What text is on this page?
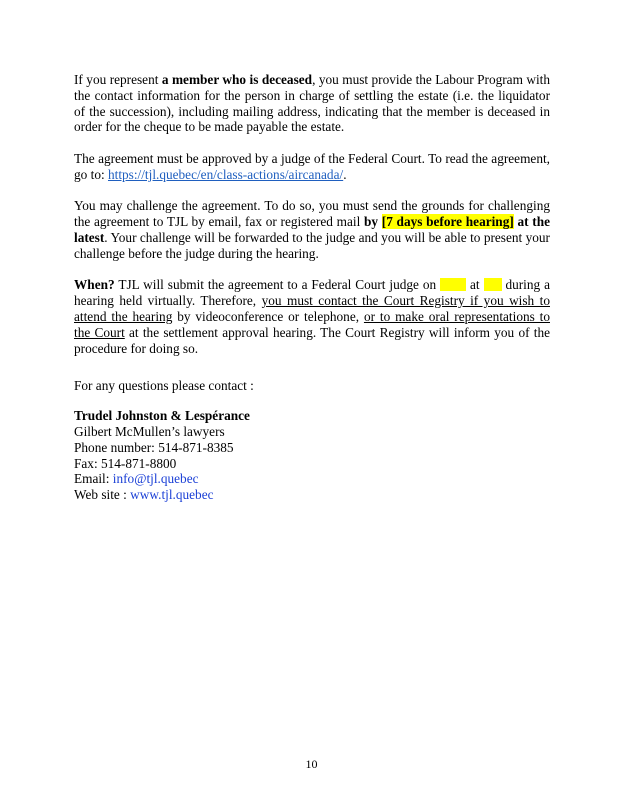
If you represent a member who is deceased, you must provide the Labour Program with the contact information for the person in charge of settling the estate (i.e. the liquidator of the succession), including mailing address, indicating that the member is deceased in order for the cheque to be made payable the estate.

The agreement must be approved by a judge of the Federal Court. To read the agreement, go to: https://tjl.quebec/en/class-actions/aircanada/.

You may challenge the agreement. To do so, you must send the grounds for challenging the agreement to TJL by email, fax or registered mail by [7 days before hearing] at the latest. Your challenge will be forwarded to the judge and you will be able to present your challenge before the judge during the hearing.

When? TJL will submit the agreement to a Federal Court judge on  at  during a hearing held virtually. Therefore, you must contact the Court Registry if you wish to attend the hearing by videoconference or telephone, or to make oral representations to the Court at the settlement approval hearing. The Court Registry will inform you of the procedure for doing so.

For any questions please contact :

Trudel Johnston & Lespérance
Gilbert McMullen’s lawyers
Phone number: 514-871-8385
Fax: 514-871-8800
Email: info@tjl.quebec
Web site : www.tjl.quebec
10
